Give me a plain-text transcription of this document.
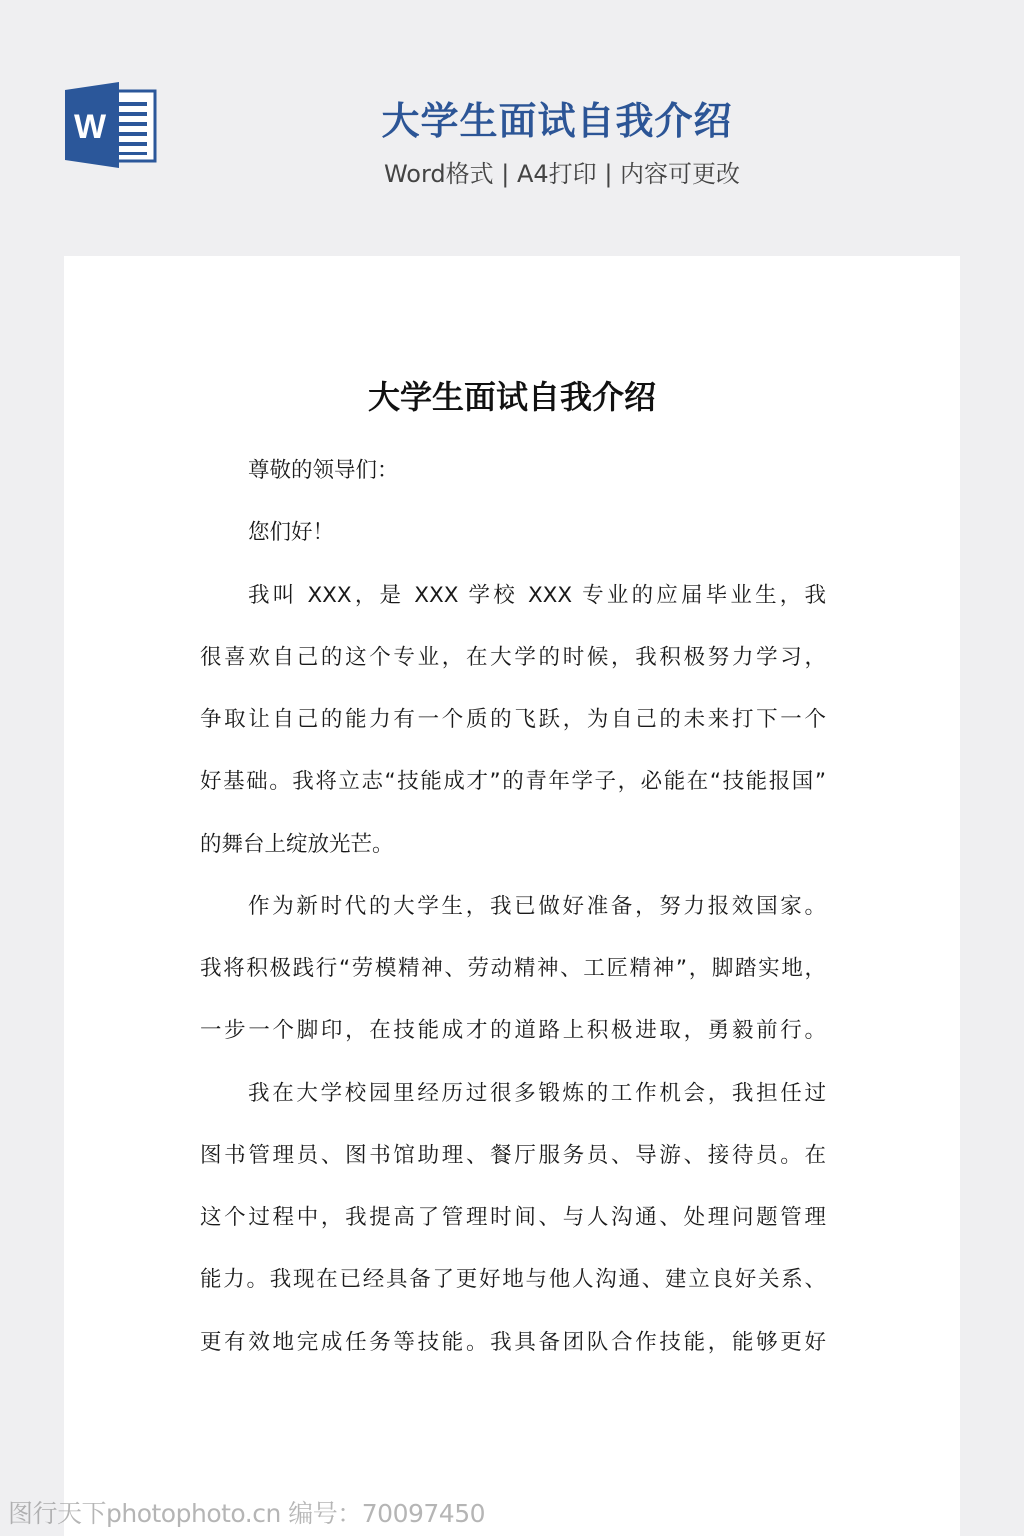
W	大学生面试自我介绍
Word格式 | A4打印 | 内容可更改
大学生面试自我介绍
尊敬的领导们：
您们好！
我叫 XXX，是 XXX 学校 XXX 专业的应届毕业生，我
很喜欢自己的这个专业，在大学的时候，我积极努力学习，
争取让自己的能力有一个质的飞跃，为自己的未来打下一个
好基础。我将立志“技能成才”的青年学子，必能在“技能报国”
的舞台上绽放光芒。
作为新时代的大学生，我已做好准备，努力报效国家。
我将积极践行“劳模精神、劳动精神、工匠精神”，脚踏实地，
一步一个脚印，在技能成才的道路上积极进取，勇毅前行。
我在大学校园里经历过很多锻炼的工作机会，我担任过
图书管理员、图书馆助理、餐厅服务员、导游、接待员。在
这个过程中，我提高了管理时间、与人沟通、处理问题管理
能力。我现在已经具备了更好地与他人沟通、建立良好关系、
更有效地完成任务等技能。我具备团队合作技能，能够更好
图行天下photophoto.cn 编号：70097450
